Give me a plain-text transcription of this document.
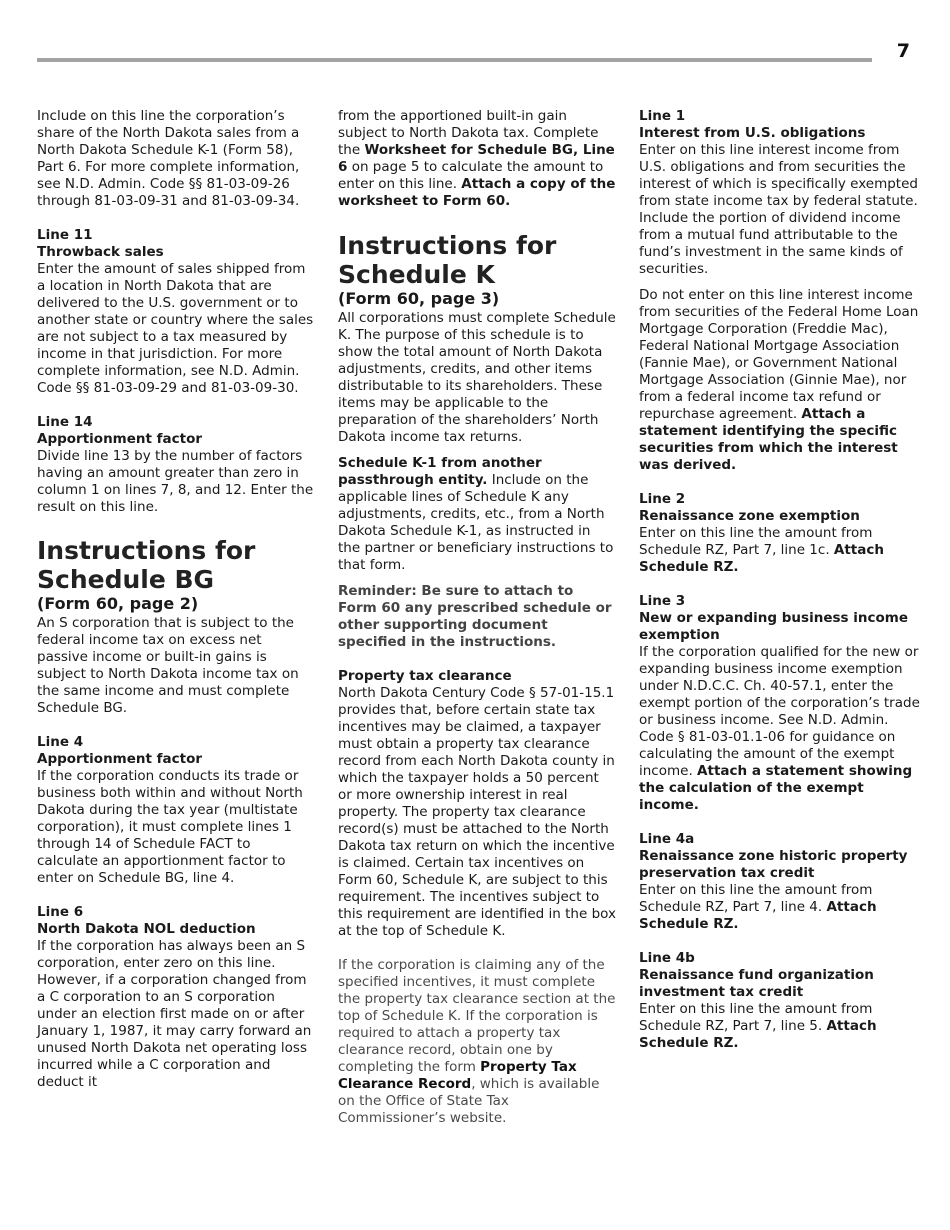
7

Include on this line the corporation’s share of the North Dakota sales from a North Dakota Schedule K-1 (Form 58), Part 6. For more complete information, see N.D. Admin. Code §§ 81-03-09-26 through 81-03-09-31 and 81-03-09-34.

Line 11

Throwback sales

Enter the amount of sales shipped from a location in North Dakota that are delivered to the U.S. government or to another state or country where the sales are not subject to a tax measured by income in that jurisdiction. For more complete information, see N.D. Admin. Code §§ 81-03-09-29 and 81-03-09-30.

Line 14

Apportionment factor

Divide line 13 by the number of factors having an amount greater than zero in column 1 on lines 7, 8, and 12. Enter the result on this line.

Instructions for

Schedule BG

(Form 60, page 2)

An S corporation that is subject to the federal income tax on excess net passive income or built-in gains is subject to North Dakota income tax on the same income and must complete Schedule BG.

Line 4

Apportionment factor

If the corporation conducts its trade or business both within and without North Dakota during the tax year (multistate corporation), it must complete lines 1 through 14 of Schedule FACT to calculate an apportionment factor to enter on Schedule BG, line 4.

Line 6

North Dakota NOL deduction

If the corporation has always been an S corporation, enter zero on this line. However, if a corporation changed from a C corporation to an S corporation under an election first made on or after January 1, 1987, it may carry forward an unused North Dakota net operating loss incurred while a C corporation and deduct it

from the apportioned built-in gain subject to North Dakota tax. Complete the Worksheet for Schedule BG, Line 6 on page 5 to calculate the amount to enter on this line. Attach a copy of the worksheet to Form 60.

Instructions for

Schedule K

(Form 60, page 3)

All corporations must complete Schedule K. The purpose of this schedule is to show the total amount of North Dakota adjustments, credits, and other items distributable to its shareholders. These items may be applicable to the preparation of the shareholders’ North Dakota income tax returns.

Schedule K-1 from another passthrough entity. Include on the applicable lines of Schedule K any adjustments, credits, etc., from a North Dakota Schedule K-1, as instructed in the partner or beneficiary instructions to that form.

Reminder: Be sure to attach to Form 60 any prescribed schedule or other supporting document specified in the instructions.

Property tax clearance

North Dakota Century Code § 57-01-15.1 provides that, before certain state tax incentives may be claimed, a taxpayer must obtain a property tax clearance record from each North Dakota county in which the taxpayer holds a 50 percent or more ownership interest in real property. The property tax clearance record(s) must be attached to the North Dakota tax return on which the incentive is claimed. Certain tax incentives on Form 60, Schedule K, are subject to this requirement. The incentives subject to this requirement are identified in the box at the top of Schedule K.

If the corporation is claiming any of the specified incentives, it must complete the property tax clearance section at the top of Schedule K. If the corporation is required to attach a property tax clearance record, obtain one by completing the form Property Tax Clearance Record, which is available on the Office of State Tax Commissioner’s website.

Line 1

Interest from U.S. obligations

Enter on this line interest income from U.S. obligations and from securities the interest of which is specifically exempted from state income tax by federal statute. Include the portion of dividend income from a mutual fund attributable to the fund’s investment in the same kinds of securities.

Do not enter on this line interest income from securities of the Federal Home Loan Mortgage Corporation (Freddie Mac), Federal National Mortgage Association (Fannie Mae), or Government National Mortgage Association (Ginnie Mae), nor from a federal income tax refund or repurchase agreement. Attach a statement identifying the specific securities from which the interest was derived.

Line 2

Renaissance zone exemption

Enter on this line the amount from Schedule RZ, Part 7, line 1c. Attach Schedule RZ.

Line 3

New or expanding business income exemption

If the corporation qualified for the new or expanding business income exemption under N.D.C.C. Ch. 40-57.1, enter the exempt portion of the corporation’s trade or business income. See N.D. Admin. Code § 81-03-01.1-06 for guidance on calculating the amount of the exempt income. Attach a statement showing the calculation of the exempt income.

Line 4a

Renaissance zone historic property preservation tax credit

Enter on this line the amount from Schedule RZ, Part 7, line 4. Attach Schedule RZ.

Line 4b

Renaissance fund organization investment tax credit

Enter on this line the amount from Schedule RZ, Part 7, line 5. Attach Schedule RZ.
